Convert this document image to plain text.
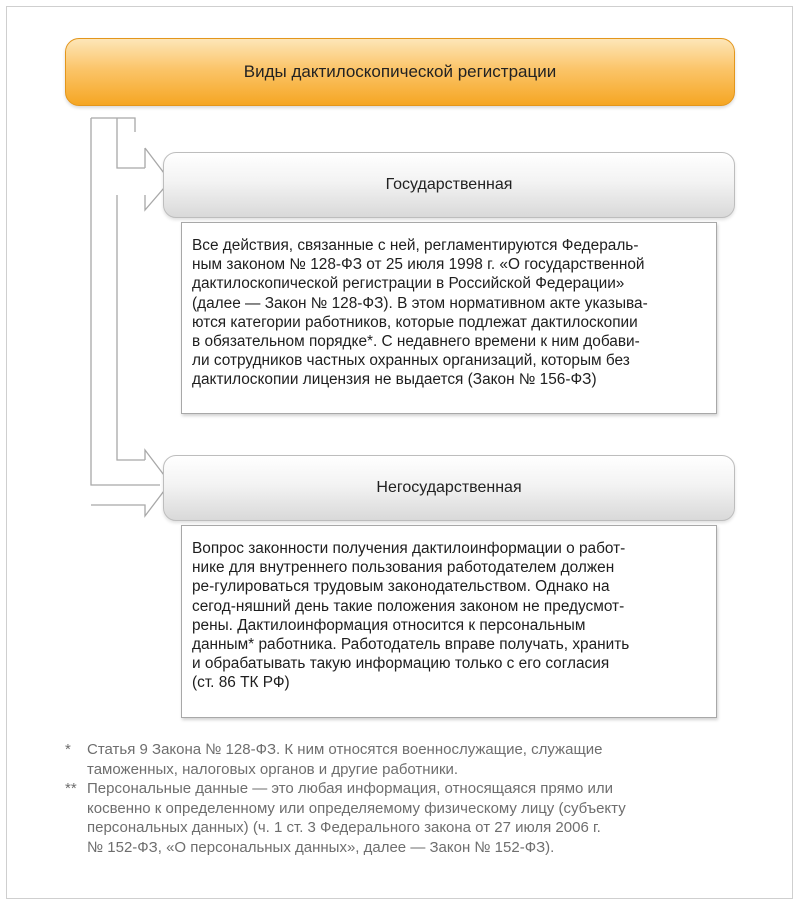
Виды дактилоскопической регистрации
Государственная

Все действия, связанные с ней, регламентируются Федераль-
ным законом № 128-ФЗ от 25 июля 1998 г. «О государственной
дактилоскопической регистрации в Российской Федерации»
(далее — Закон № 128-ФЗ). В этом нормативном акте указыва-
ются категории работников, которые подлежат дактилоскопии
в обязательном порядке*. С недавнего времени к ним добави-
ли сотрудников частных охранных организаций, которым без
дактилоскопии лицензия не выдается (Закон № 156-ФЗ)

Негосударственная

Вопрос законности получения дактилоинформации о работ-
нике для внутреннего пользования работодателем должен
ре-гулироваться трудовым законодательством. Однако на
сегод-няшний день такие положения законом не предусмот-
рены. Дактилоинформация относится к персональным
данным* работника. Работодатель вправе получать, хранить
и обрабатывать такую информацию только с его согласия
(ст. 86 ТК РФ)

*	Статья 9 Закона № 128-ФЗ. К ним относятся военнослужащие, служащие
таможенных, налоговых органов и другие работники.
** Персональные данные — это любая информация, относящаяся прямо или
косвенно к определенному или определяемому физическому лицу (субъекту
персональных данных) (ч. 1 ст. 3 Федерального закона от 27 июля 2006 г.
№ 152-ФЗ, «О персональных данных», далее — Закон № 152-ФЗ).
